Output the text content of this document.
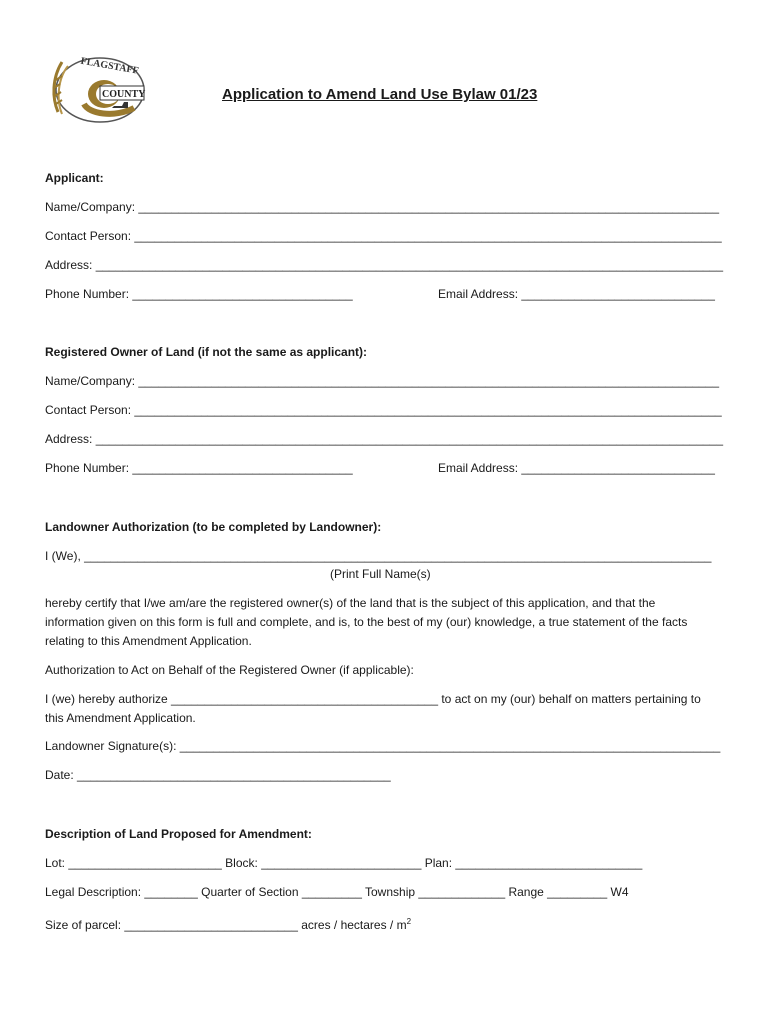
FLAGSTAFF
COUNTY	Application to Amend Land Use Bylaw 01/23
Applicant:
Name/Company: _______________________________________________________________________________________
Contact Person: ________________________________________________________________________________________
Address: ______________________________________________________________________________________________
Phone Number: _________________________________	Email Address: _____________________________
Registered Owner of Land (if not the same as applicant):
Name/Company: _______________________________________________________________________________________
Contact Person: ________________________________________________________________________________________
Address: ______________________________________________________________________________________________
Phone Number: _________________________________	Email Address: _____________________________
Landowner Authorization (to be completed by Landowner):
I (We), ______________________________________________________________________________________________
(Print Full Name(s)
hereby certify that I/we am/are the registered owner(s) of the land that is the subject of this application, and that the information given on this form is full and complete, and is, to the best of my (our) knowledge, a true statement of the facts relating to this Amendment Application.
Authorization to Act on Behalf of the Registered Owner (if applicable):
I (we) hereby authorize ________________________________________ to act on my (our) behalf on matters pertaining to this Amendment Application.
Landowner Signature(s): _________________________________________________________________________________
Date: _______________________________________________
Description of Land Proposed for Amendment:
Lot: _______________________ Block: ________________________ Plan: ____________________________
Legal Description: ________ Quarter of Section _________ Township _____________ Range _________ W4
Size of parcel: __________________________ acres / hectares / $m^2$
